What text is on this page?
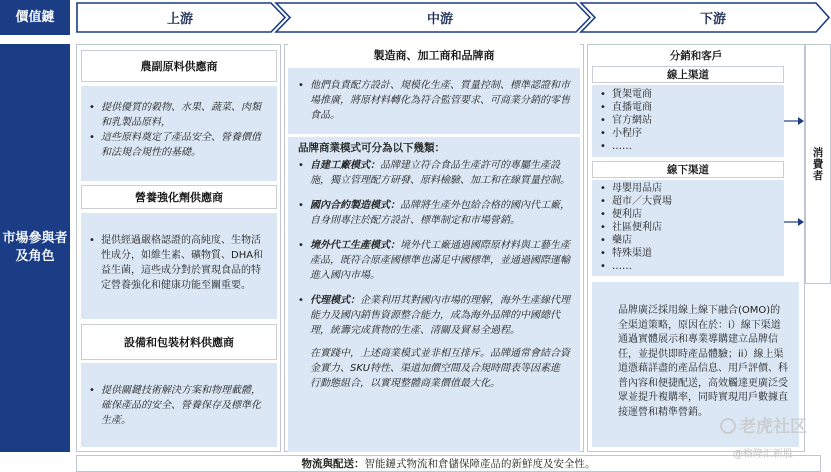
價值鏈	上游	中游	下游
市場參與者
及角色
農副原料供應商
• 提供優質的穀物、水果、蔬菜、肉類和乳製品原料，
• 這些原料奠定了產品安全、營養價值和法規合規性的基礎。
營養強化劑供應商
• 提供經過嚴格認證的高純度、生物活性成分，如維生素、礦物質、DHA和益生菌，這些成分對於實現食品的特定營養強化和健康功能至關重要。
設備和包裝材料供應商
• 提供關鍵技術解決方案和物理載體，確保產品的安全、營養保存及標準化生產。
製造商、加工商和品牌商
• 他們負責配方設計、規模化生產、質量控制、標準認證和市場推廣，將原材料轉化為符合監管要求、可商業分銷的零售食品。
品牌商業模式可分為以下幾類：
• 自建工廠模式：品牌建立符合食品生產許可的專屬生產設施，獨立管理配方研發、原料檢驗、加工和在線質量控制。
• 國內合約製造模式：品牌將生產外包給合格的國內代工廠，自身則專注於配方設計、標準制定和市場營銷。
• 境外代工生產模式：境外代工廠通過國際原材料與工藝生產產品，既符合原產國標準也滿足中國標準，並通過國際運輸進入國內市場。
• 代理模式：企業利用其對國內市場的理解，海外生產線代理能力及國內銷售資源整合能力，成為海外品牌的中國總代理，統籌完成貨物的生產、清關及貿易全過程。
在實踐中，上述商業模式並非相互排斥。品牌通常會結合資金實力、SKU特性、渠道加價空間及合規時間表等因素進行動態組合，以實現整體商業價值最大化。
分銷和客戶
線上渠道
• 貨架電商
• 直播電商
• 官方網站
• 小程序
• ……
線下渠道
• 母嬰用品店
• 超市／大賣場
• 便利店
• 社區便利店
• 藥店
• 特殊渠道
• ……
消費者
品牌廣泛採用線上線下融合(OMO)的全渠道策略，原因在於：i）線下渠道通過實體展示和專業導購建立品牌信任，並提供即時產品體驗；ii）線上渠道憑藉詳盡的產品信息、用戶評價、科普內容和便捷配送，高效觸達更廣泛受眾並提升複購率，同時實現用戶數據直接運營和精準營銷。
物流與配送： 智能鏈式物流和倉儲保障產品的新鮮度及安全性。
老虎社区
@格隆汇新股
